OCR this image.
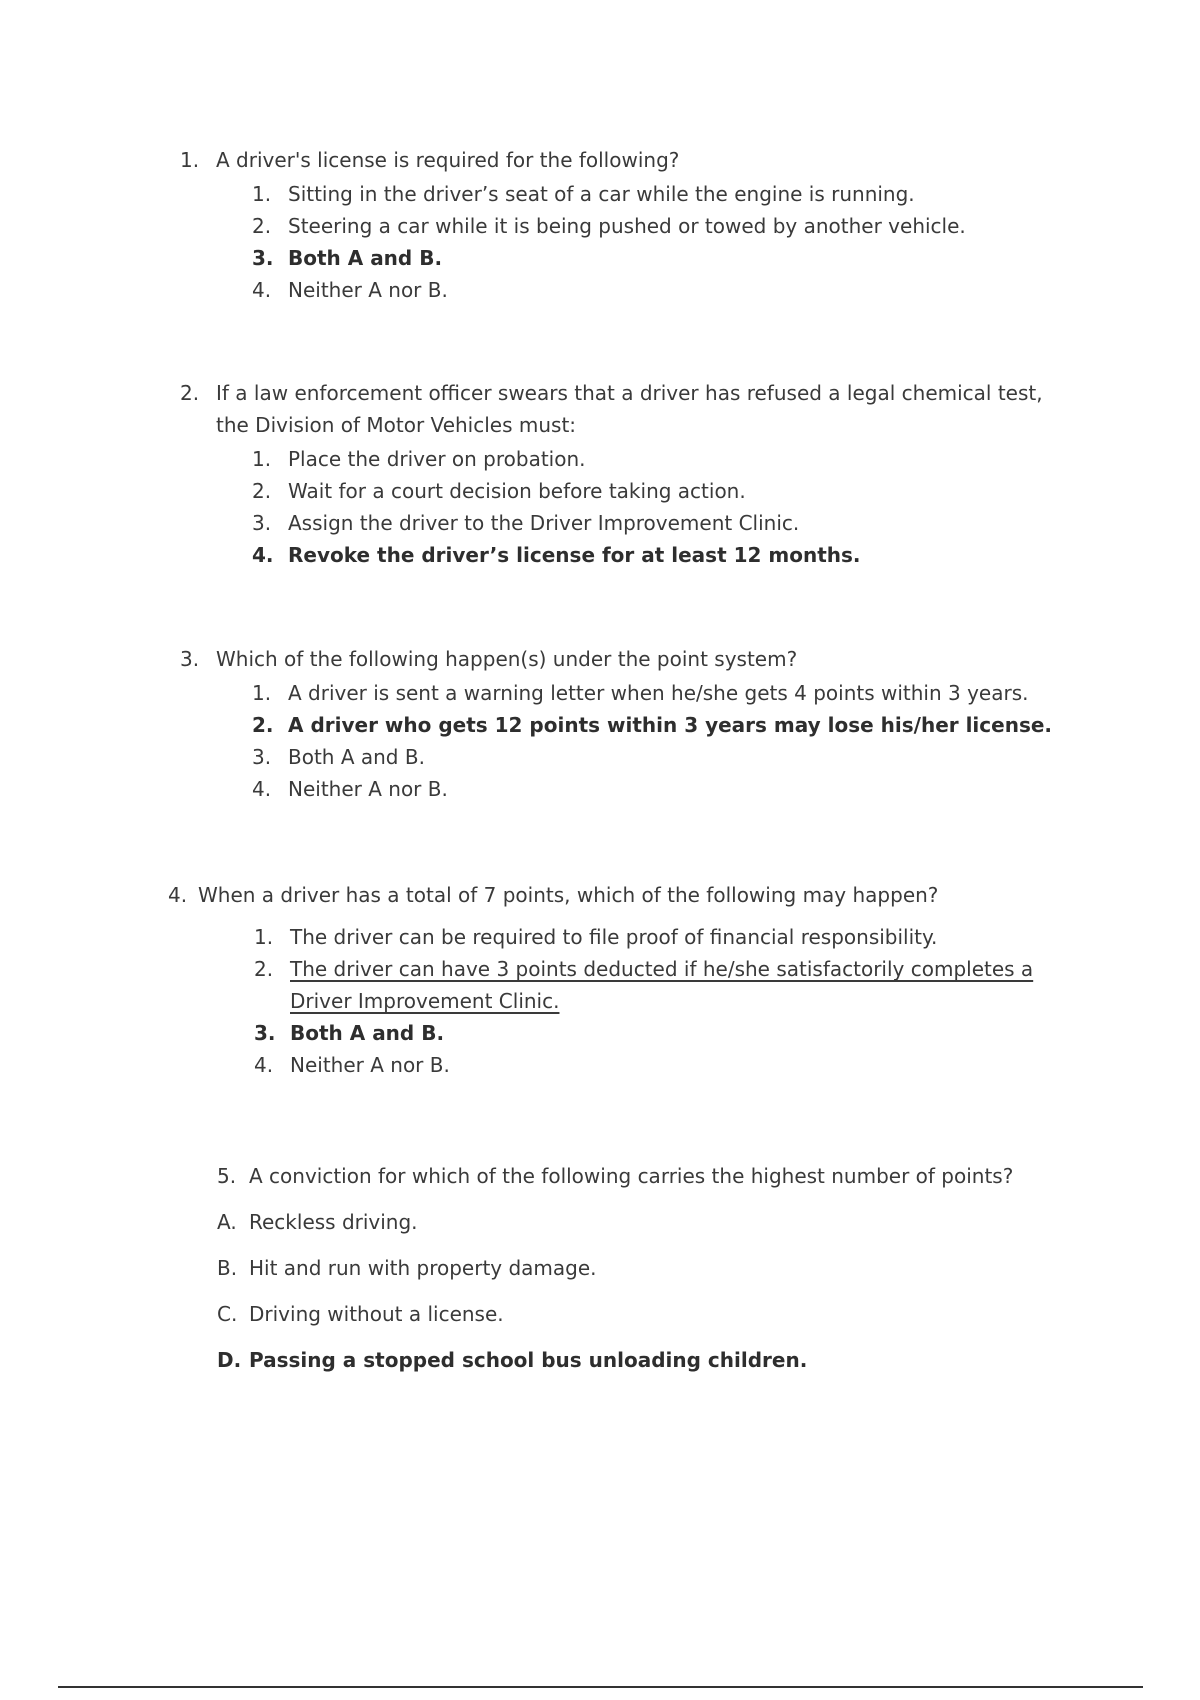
1. A driver's license is required for the following?
1. Sitting in the driver’s seat of a car while the engine is running.
2. Steering a car while it is being pushed or towed by another vehicle.
3. Both A and B.
4. Neither A nor B.
2. If a law enforcement officer swears that a driver has refused a legal chemical test, the Division of Motor Vehicles must:
1. Place the driver on probation.
2. Wait for a court decision before taking action.
3. Assign the driver to the Driver Improvement Clinic.
4. Revoke the driver’s license for at least 12 months.
3. Which of the following happen(s) under the point system?
1. A driver is sent a warning letter when he/she gets 4 points within 3 years.
2. A driver who gets 12 points within 3 years may lose his/her license.
3. Both A and B.
4. Neither A nor B.
4. When a driver has a total of 7 points, which of the following may happen?
1. The driver can be required to file proof of financial responsibility.
2. The driver can have 3 points deducted if he/she satisfactorily completes a Driver Improvement Clinic.
3. Both A and B.
4. Neither A nor B.
5. A conviction for which of the following carries the highest number of points?
A. Reckless driving.
B. Hit and run with property damage.
C. Driving without a license.
D. Passing a stopped school bus unloading children.
